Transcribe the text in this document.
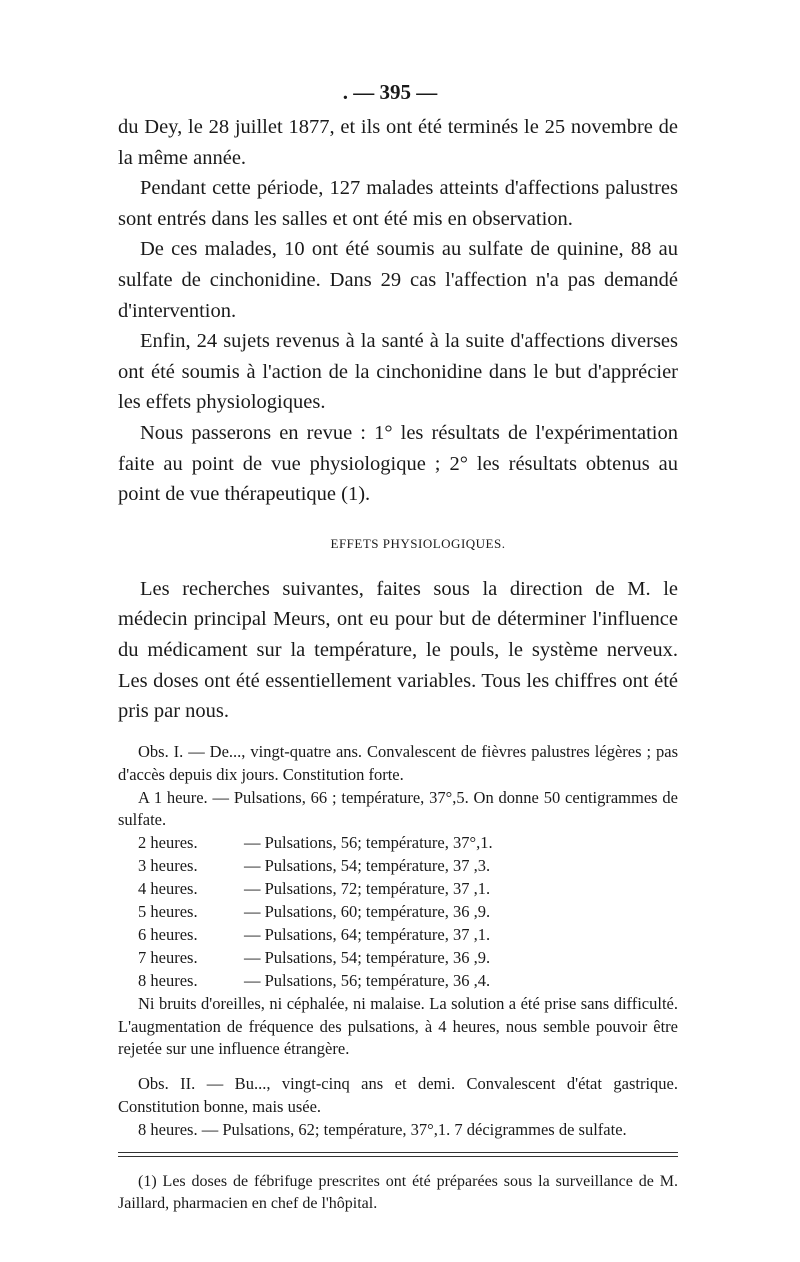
. — 395 —

du Dey, le 28 juillet 1877, et ils ont été terminés le 25 novembre de la même année.

Pendant cette période, 127 malades atteints d'affections palustres sont entrés dans les salles et ont été mis en observation.

De ces malades, 10 ont été soumis au sulfate de quinine, 88 au sulfate de cinchonidine. Dans 29 cas l'affection n'a pas demandé d'intervention.

Enfin, 24 sujets revenus à la santé à la suite d'affections diverses ont été soumis à l'action de la cinchonidine dans le but d'apprécier les effets physiologiques.

Nous passerons en revue : 1° les résultats de l'expérimentation faite au point de vue physiologique ; 2° les résultats obtenus au point de vue thérapeutique (1).

EFFETS PHYSIOLOGIQUES.

Les recherches suivantes, faites sous la direction de M. le médecin principal Meurs, ont eu pour but de déterminer l'influence du médicament sur la température, le pouls, le système nerveux. Les doses ont été essentiellement variables. Tous les chiffres ont été pris par nous.

Obs. I. — De..., vingt-quatre ans. Convalescent de fièvres palustres légères ; pas d'accès depuis dix jours. Constitution forte.

A 1 heure. — Pulsations, 66 ; température, 37°,5. On donne 50 centigrammes de sulfate.

2 heures.	— Pulsations, 56; température, 37°,1.
3 heures.	— Pulsations, 54; température, 37 ,3.
4 heures.	— Pulsations, 72; température, 37 ,1.
5 heures.	— Pulsations, 60; température, 36 ,9.
6 heures.	— Pulsations, 64; température, 37 ,1.
7 heures.	— Pulsations, 54; température, 36 ,9.
8 heures.	— Pulsations, 56; température, 36 ,4.

Ni bruits d'oreilles, ni céphalée, ni malaise. La solution a été prise sans difficulté. L'augmentation de fréquence des pulsations, à 4 heures, nous semble pouvoir être rejetée sur une influence étrangère.

Obs. II. — Bu..., vingt-cinq ans et demi. Convalescent d'état gastrique. Constitution bonne, mais usée.

8 heures. — Pulsations, 62; température, 37°,1. 7 décigrammes de sulfate.

(1) Les doses de fébrifuge prescrites ont été préparées sous la surveillance de M. Jaillard, pharmacien en chef de l'hôpital.
